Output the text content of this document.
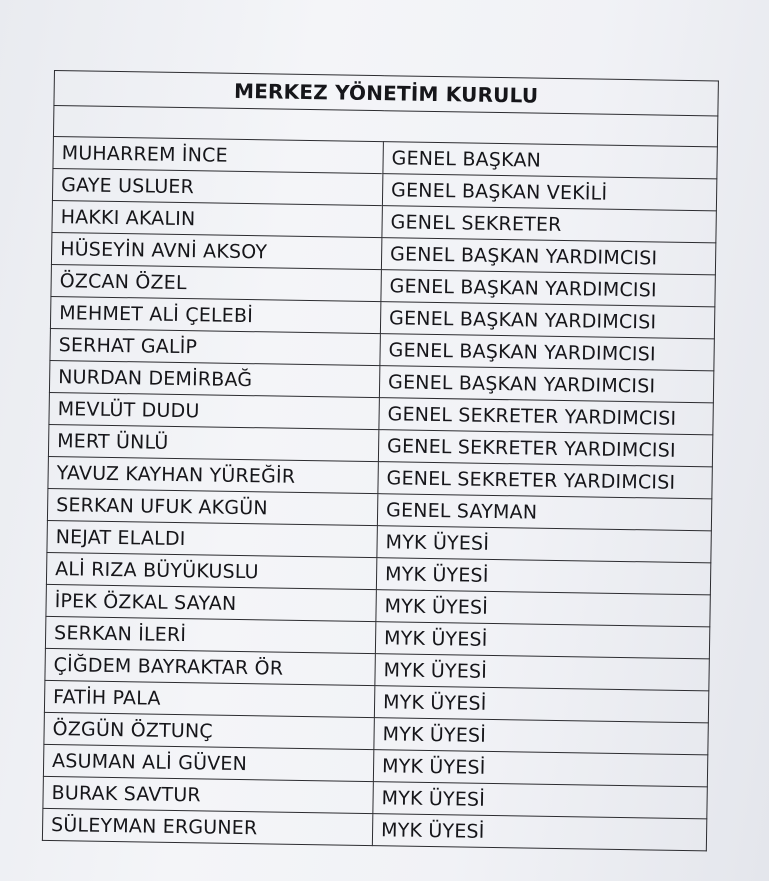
MERKEZ YÖNETİM KURULU	

MUHARREM İNCE	GENEL BAŞKAN
GAYE USLUER	GENEL BAŞKAN VEKİLİ
HAKKI AKALIN	GENEL SEKRETER
HÜSEYİN AVNİ AKSOY	GENEL BAŞKAN YARDIMCISI
ÖZCAN ÖZEL	GENEL BAŞKAN YARDIMCISI
MEHMET ALİ ÇELEBİ	GENEL BAŞKAN YARDIMCISI
SERHAT GALİP	GENEL BAŞKAN YARDIMCISI
NURDAN DEMİRBAĞ	GENEL BAŞKAN YARDIMCISI
MEVLÜT DUDU	GENEL SEKRETER YARDIMCISI
MERT ÜNLÜ	GENEL SEKRETER YARDIMCISI
YAVUZ KAYHAN YÜREĞİR	GENEL SEKRETER YARDIMCISI
SERKAN UFUK AKGÜN	GENEL SAYMAN
NEJAT ELALDI	MYK ÜYESİ
ALİ RIZA BÜYÜKUSLU	MYK ÜYESİ
İPEK ÖZKAL SAYAN	MYK ÜYESİ
SERKAN İLERİ	MYK ÜYESİ
ÇİĞDEM BAYRAKTAR ÖR	MYK ÜYESİ
FATİH PALA	MYK ÜYESİ
ÖZGÜN ÖZTUNÇ	MYK ÜYESİ
ASUMAN ALİ GÜVEN	MYK ÜYESİ
BURAK SAVTUR	MYK ÜYESİ
SÜLEYMAN ERGUNER	MYK ÜYESİ
